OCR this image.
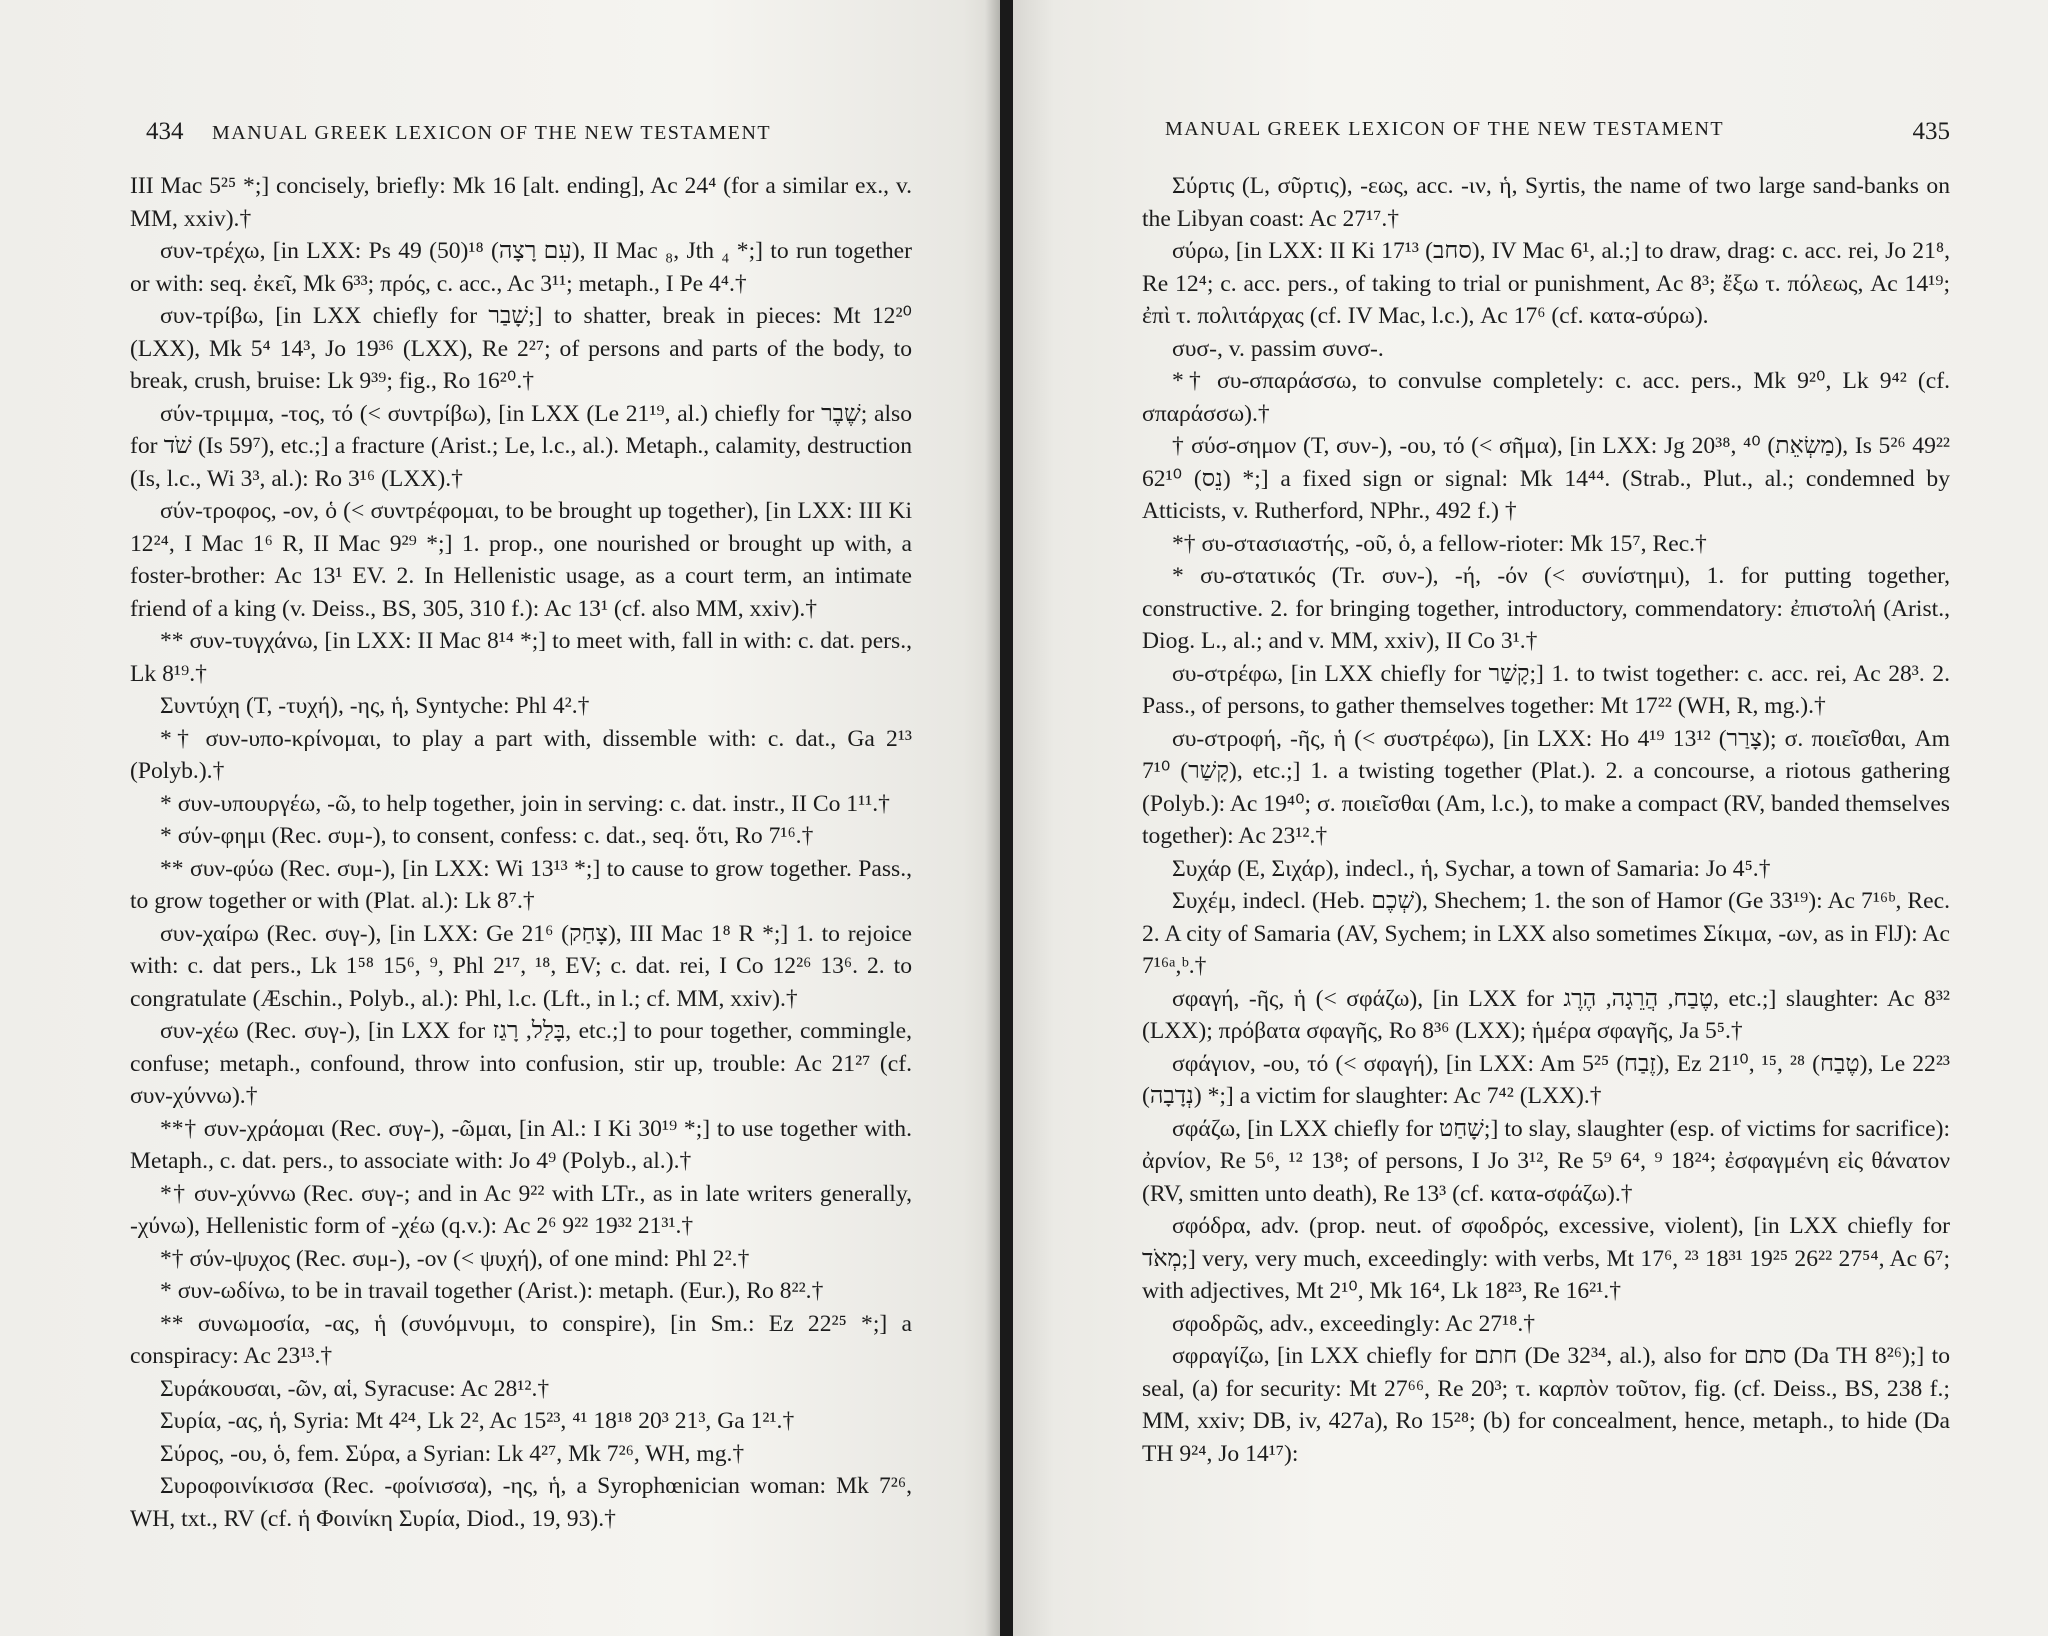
434 MANUAL GREEK LEXICON OF THE NEW TESTAMENT

III Mac 5²⁵ *;] concisely, briefly: Mk 16 [alt. ending], Ac 24⁴ (for a similar ex., v. MM, xxiv).†

συν-τρέχω, [in LXX: Ps 49 (50)¹⁸ (עִם רָצָה), II Mac ₈, Jth ₄ *;] to run together or with: seq. ἐκεῖ, Mk 6³³; πρός, c. acc., Ac 3¹¹; metaph., I Pe 4⁴.†

συν-τρίβω, [in LXX chiefly for שָׁבַר;] to shatter, break in pieces: Mt 12²⁰ (LXX), Mk 5⁴ 14³, Jo 19³⁶ (LXX), Re 2²⁷; of persons and parts of the body, to break, crush, bruise: Lk 9³⁹; fig., Ro 16²⁰.†

σύν-τριμμα, -τος, τό (< συντρίβω), [in LXX (Le 21¹⁹, al.) chiefly for שֶׁבֶר; also for שֹׁד (Is 59⁷), etc.;] a fracture (Arist.; Le, l.c., al.). Metaph., calamity, destruction (Is, l.c., Wi 3³, al.): Ro 3¹⁶ (LXX).†

σύν-τροφος, -ον, ὁ (< συντρέφομαι, to be brought up together), [in LXX: III Ki 12²⁴, I Mac 1⁶ R, II Mac 9²⁹ *;] 1. prop., one nourished or brought up with, a foster-brother: Ac 13¹ EV. 2. In Hellenistic usage, as a court term, an intimate friend of a king (v. Deiss., BS, 305, 310 f.): Ac 13¹ (cf. also MM, xxiv).†

** συν-τυγχάνω, [in LXX: II Mac 8¹⁴ *;] to meet with, fall in with: c. dat. pers., Lk 8¹⁹.†

Συντύχη (T, -τυχή), -ης, ἡ, Syntyche: Phl 4².†

*† συν-υπο-κρίνομαι, to play a part with, dissemble with: c. dat., Ga 2¹³ (Polyb.).†

* συν-υπουργέω, -ῶ, to help together, join in serving: c. dat. instr., II Co 1¹¹.†

* σύν-φημι (Rec. συμ-), to consent, confess: c. dat., seq. ὅτι, Ro 7¹⁶.†

** συν-φύω (Rec. συμ-), [in LXX: Wi 13¹³ *;] to cause to grow together. Pass., to grow together or with (Plat. al.): Lk 8⁷.†

συν-χαίρω (Rec. συγ-), [in LXX: Ge 21⁶ (צָחַק), III Mac 1⁸ R *;] 1. to rejoice with: c. dat pers., Lk 1⁵⁸ 15⁶, ⁹, Phl 2¹⁷, ¹⁸, EV; c. dat. rei, I Co 12²⁶ 13⁶. 2. to congratulate (Æschin., Polyb., al.): Phl, l.c. (Lft., in l.; cf. MM, xxiv).†

συν-χέω (Rec. συγ-), [in LXX for בָּלַל, רָגַז, etc.;] to pour together, commingle, confuse; metaph., confound, throw into confusion, stir up, trouble: Ac 21²⁷ (cf. συν-χύννω).†

**† συν-χράομαι (Rec. συγ-), -ῶμαι, [in Al.: I Ki 30¹⁹ *;] to use together with. Metaph., c. dat. pers., to associate with: Jo 4⁹ (Polyb., al.).†

*† συν-χύννω (Rec. συγ-; and in Ac 9²² with LTr., as in late writers generally, -χύνω), Hellenistic form of -χέω (q.v.): Ac 2⁶ 9²² 19³² 21³¹.†

*† σύν-ψυχος (Rec. συμ-), -ον (< ψυχή), of one mind: Phl 2².†

* συν-ωδίνω, to be in travail together (Arist.): metaph. (Eur.), Ro 8²².†

** συνωμοσία, -ας, ἡ (συνόμνυμι, to conspire), [in Sm.: Ez 22²⁵ *;] a conspiracy: Ac 23¹³.†

Συράκουσαι, -ῶν, αἱ, Syracuse: Ac 28¹².†

Συρία, -ας, ἡ, Syria: Mt 4²⁴, Lk 2², Ac 15²³, ⁴¹ 18¹⁸ 20³ 21³, Ga 1²¹.†

Σύρος, -ου, ὁ, fem. Σύρα, a Syrian: Lk 4²⁷, Mk 7²⁶, WH, mg.†

Συροφοινίκισσα (Rec. -φοίνισσα), -ης, ἡ, a Syrophœnician woman: Mk 7²⁶, WH, txt., RV (cf. ἡ Φοινίκη Συρία, Diod., 19, 93).†

MANUAL GREEK LEXICON OF THE NEW TESTAMENT	435

Σύρτις (L, σῦρτις), -εως, acc. -ιν, ἡ, Syrtis, the name of two large sand-banks on the Libyan coast: Ac 27¹⁷.†

σύρω, [in LXX: II Ki 17¹³ (סחב), IV Mac 6¹, al.;] to draw, drag: c. acc. rei, Jo 21⁸, Re 12⁴; c. acc. pers., of taking to trial or punishment, Ac 8³; ἔξω τ. πόλεως, Ac 14¹⁹; ἐπὶ τ. πολιτάρχας (cf. IV Mac, l.c.), Ac 17⁶ (cf. κατα-σύρω).

συσ-, v. passim συνσ-.

*† συ-σπαράσσω, to convulse completely: c. acc. pers., Mk 9²⁰, Lk 9⁴² (cf. σπαράσσω).†

† σύσ-σημον (T, συν-), -ου, τό (< σῆμα), [in LXX: Jg 20³⁸, ⁴⁰ (מַשְׂאֵת), Is 5²⁶ 49²² 62¹⁰ (נֵס) *;] a fixed sign or signal: Mk 14⁴⁴. (Strab., Plut., al.; condemned by Atticists, v. Rutherford, NPhr., 492 f.) †

*† συ-στασιαστής, -οῦ, ὁ, a fellow-rioter: Mk 15⁷, Rec.†

* συ-στατικός (Tr. συν-), -ή, -όν (< συνίστημι), 1. for putting together, constructive. 2. for bringing together, introductory, commendatory: ἐπιστολή (Arist., Diog. L., al.; and v. MM, xxiv), II Co 3¹.†

συ-στρέφω, [in LXX chiefly for קָשַׁר;] 1. to twist together: c. acc. rei, Ac 28³. 2. Pass., of persons, to gather themselves together: Mt 17²² (WH, R, mg.).†

συ-στροφή, -ῆς, ἡ (< συστρέφω), [in LXX: Ho 4¹⁹ 13¹² (צָרַר); σ. ποιεῖσθαι, Am 7¹⁰ (קָשַׁר), etc.;] 1. a twisting together (Plat.). 2. a concourse, a riotous gathering (Polyb.): Ac 19⁴⁰; σ. ποιεῖσθαι (Am, l.c.), to make a compact (RV, banded themselves together): Ac 23¹².†

Συχάρ (E, Σιχάρ), indecl., ἡ, Sychar, a town of Samaria: Jo 4⁵.†

Συχέμ, indecl. (Heb. שְׁכֶם), Shechem; 1. the son of Hamor (Ge 33¹⁹): Ac 7¹⁶ᵇ, Rec. 2. A city of Samaria (AV, Sychem; in LXX also sometimes Σίκιμα, -ων, as in FlJ): Ac 7¹⁶ᵃ,ᵇ.†

σφαγή, -ῆς, ἡ (< σφάζω), [in LXX for טֶבַח, הֲרֵגָה, הֶרֶג, etc.;] slaughter: Ac 8³² (LXX); πρόβατα σφαγῆς, Ro 8³⁶ (LXX); ἡμέρα σφαγῆς, Ja 5⁵.†

σφάγιον, -ου, τό (< σφαγή), [in LXX: Am 5²⁵ (זֶבַח), Ez 21¹⁰, ¹⁵, ²⁸ (טֶבַח), Le 22²³ (נְדָבָה) *;] a victim for slaughter: Ac 7⁴² (LXX).†

σφάζω, [in LXX chiefly for שָׁחַט;] to slay, slaughter (esp. of victims for sacrifice): ἀρνίον, Re 5⁶, ¹² 13⁸; of persons, I Jo 3¹², Re 5⁹ 6⁴, ⁹ 18²⁴; ἐσφαγμένη εἰς θάνατον (RV, smitten unto death), Re 13³ (cf. κατα-σφάζω).†

σφόδρα, adv. (prop. neut. of σφοδρός, excessive, violent), [in LXX chiefly for מְאֹד;] very, very much, exceedingly: with verbs, Mt 17⁶, ²³ 18³¹ 19²⁵ 26²² 27⁵⁴, Ac 6⁷; with adjectives, Mt 2¹⁰, Mk 16⁴, Lk 18²³, Re 16²¹.†

σφοδρῶς, adv., exceedingly: Ac 27¹⁸.†

σφραγίζω, [in LXX chiefly for חתם (De 32³⁴, al.), also for סתם (Da TH 8²⁶);] to seal, (a) for security: Mt 27⁶⁶, Re 20³; τ. καρπὸν τοῦτον, fig. (cf. Deiss., BS, 238 f.; MM, xxiv; DB, iv, 427a), Ro 15²⁸; (b) for concealment, hence, metaph., to hide (Da TH 9²⁴, Jo 14¹⁷):
